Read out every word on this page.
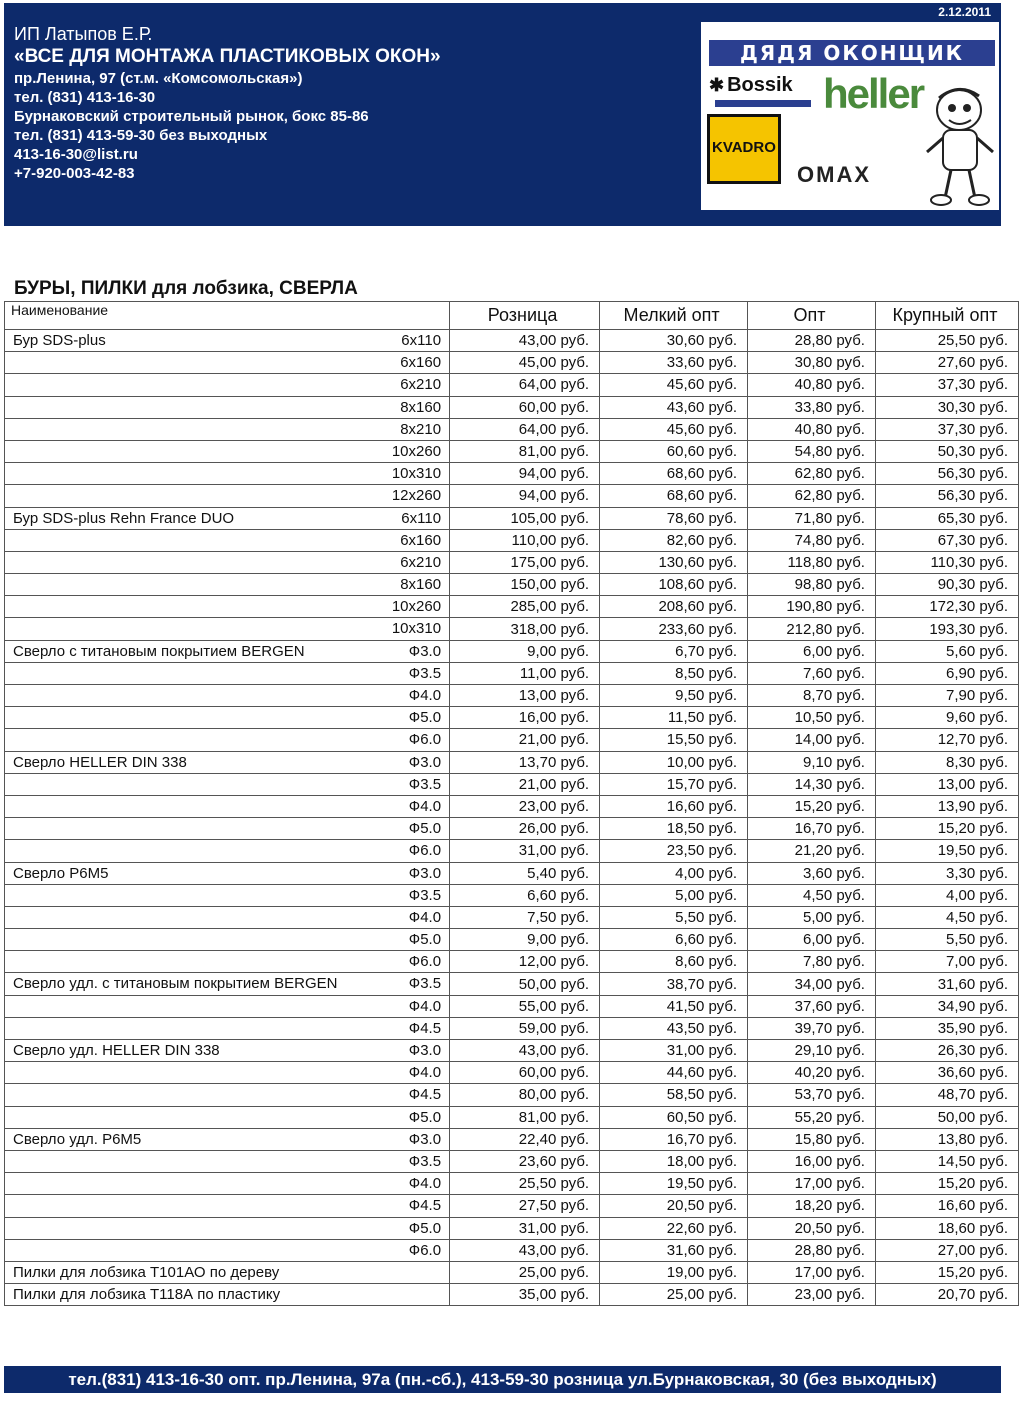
2.12.2011
ИП Латыпов Е.Р.
«ВСЕ ДЛЯ МОНТАЖА ПЛАСТИКОВЫХ ОКОН»
пр.Ленина, 97 (ст.м. «Комсомольская»)
тел. (831) 413-16-30
Бурнаковский строительный рынок, бокс 85-86
тел. (831) 413-59-30 без выходных
413-16-30@list.ru
+7-920-003-42-83
ДЯДЯ ОКОНЩИК
✱ Bossik heller
KVADRO
OMAX
БУРЫ, ПИЛКИ для лобзика, СВЕРЛА
Наименование	Розница	Мелкий опт	Опт	Крупный опт

Бур SDS-plus 6х110	43,00 руб.	30,60 руб.	28,80 руб.	25,50 руб.

6х160	45,00 руб.	33,60 руб.	30,80 руб.	27,60 руб.

6х210	64,00 руб.	45,60 руб.	40,80 руб.	37,30 руб.

8х160	60,00 руб.	43,60 руб.	33,80 руб.	30,30 руб.

8х210	64,00 руб.	45,60 руб.	40,80 руб.	37,30 руб.

10х260	81,00 руб.	60,60 руб.	54,80 руб.	50,30 руб.

10х310	94,00 руб.	68,60 руб.	62,80 руб.	56,30 руб.

12х260	94,00 руб.	68,60 руб.	62,80 руб.	56,30 руб.

Бур SDS-plus Rehn France DUO 6х110	105,00 руб.	78,60 руб.	71,80 руб.	65,30 руб.

6х160	110,00 руб.	82,60 руб.	74,80 руб.	67,30 руб.

6х210	175,00 руб.	130,60 руб.	118,80 руб.	110,30 руб.

8х160	150,00 руб.	108,60 руб.	98,80 руб.	90,30 руб.

10х260	285,00 руб.	208,60 руб.	190,80 руб.	172,30 руб.

10х310	318,00 руб.	233,60 руб.	212,80 руб.	193,30 руб.

Сверло с титановым покрытием BERGEN Ф3.0	9,00 руб.	6,70 руб.	6,00 руб.	5,60 руб.

Ф3.5	11,00 руб.	8,50 руб.	7,60 руб.	6,90 руб.

Ф4.0	13,00 руб.	9,50 руб.	8,70 руб.	7,90 руб.

Ф5.0	16,00 руб.	11,50 руб.	10,50 руб.	9,60 руб.

Ф6.0	21,00 руб.	15,50 руб.	14,00 руб.	12,70 руб.

Сверло HELLER DIN 338 Ф3.0	13,70 руб.	10,00 руб.	9,10 руб.	8,30 руб.

Ф3.5	21,00 руб.	15,70 руб.	14,30 руб.	13,00 руб.

Ф4.0	23,00 руб.	16,60 руб.	15,20 руб.	13,90 руб.

Ф5.0	26,00 руб.	18,50 руб.	16,70 руб.	15,20 руб.

Ф6.0	31,00 руб.	23,50 руб.	21,20 руб.	19,50 руб.

Сверло Р6М5 Ф3.0	5,40 руб.	4,00 руб.	3,60 руб.	3,30 руб.

Ф3.5	6,60 руб.	5,00 руб.	4,50 руб.	4,00 руб.

Ф4.0	7,50 руб.	5,50 руб.	5,00 руб.	4,50 руб.

Ф5.0	9,00 руб.	6,60 руб.	6,00 руб.	5,50 руб.

Ф6.0	12,00 руб.	8,60 руб.	7,80 руб.	7,00 руб.

Сверло удл. с титановым покрытием BERGEN Ф3.5	50,00 руб.	38,70 руб.	34,00 руб.	31,60 руб.

Ф4.0	55,00 руб.	41,50 руб.	37,60 руб.	34,90 руб.

Ф4.5	59,00 руб.	43,50 руб.	39,70 руб.	35,90 руб.

Сверло удл. HELLER DIN 338 Ф3.0	43,00 руб.	31,00 руб.	29,10 руб.	26,30 руб.

Ф4.0	60,00 руб.	44,60 руб.	40,20 руб.	36,60 руб.

Ф4.5	80,00 руб.	58,50 руб.	53,70 руб.	48,70 руб.

Ф5.0	81,00 руб.	60,50 руб.	55,20 руб.	50,00 руб.

Сверло удл. Р6М5 Ф3.0	22,40 руб.	16,70 руб.	15,80 руб.	13,80 руб.

Ф3.5	23,60 руб.	18,00 руб.	16,00 руб.	14,50 руб.

Ф4.0	25,50 руб.	19,50 руб.	17,00 руб.	15,20 руб.

Ф4.5	27,50 руб.	20,50 руб.	18,20 руб.	16,60 руб.

Ф5.0	31,00 руб.	22,60 руб.	20,50 руб.	18,60 руб.

Ф6.0	43,00 руб.	31,60 руб.	28,80 руб.	27,00 руб.

Пилки для лобзика Т101АО по дереву	25,00 руб.	19,00 руб.	17,00 руб.	15,20 руб.

Пилки для лобзика Т118А по пластику	35,00 руб.	25,00 руб.	23,00 руб.	20,70 руб.
тел.(831) 413-16-30 опт. пр.Ленина, 97а (пн.-сб.), 413-59-30 розница ул.Бурнаковская, 30 (без выходных)
